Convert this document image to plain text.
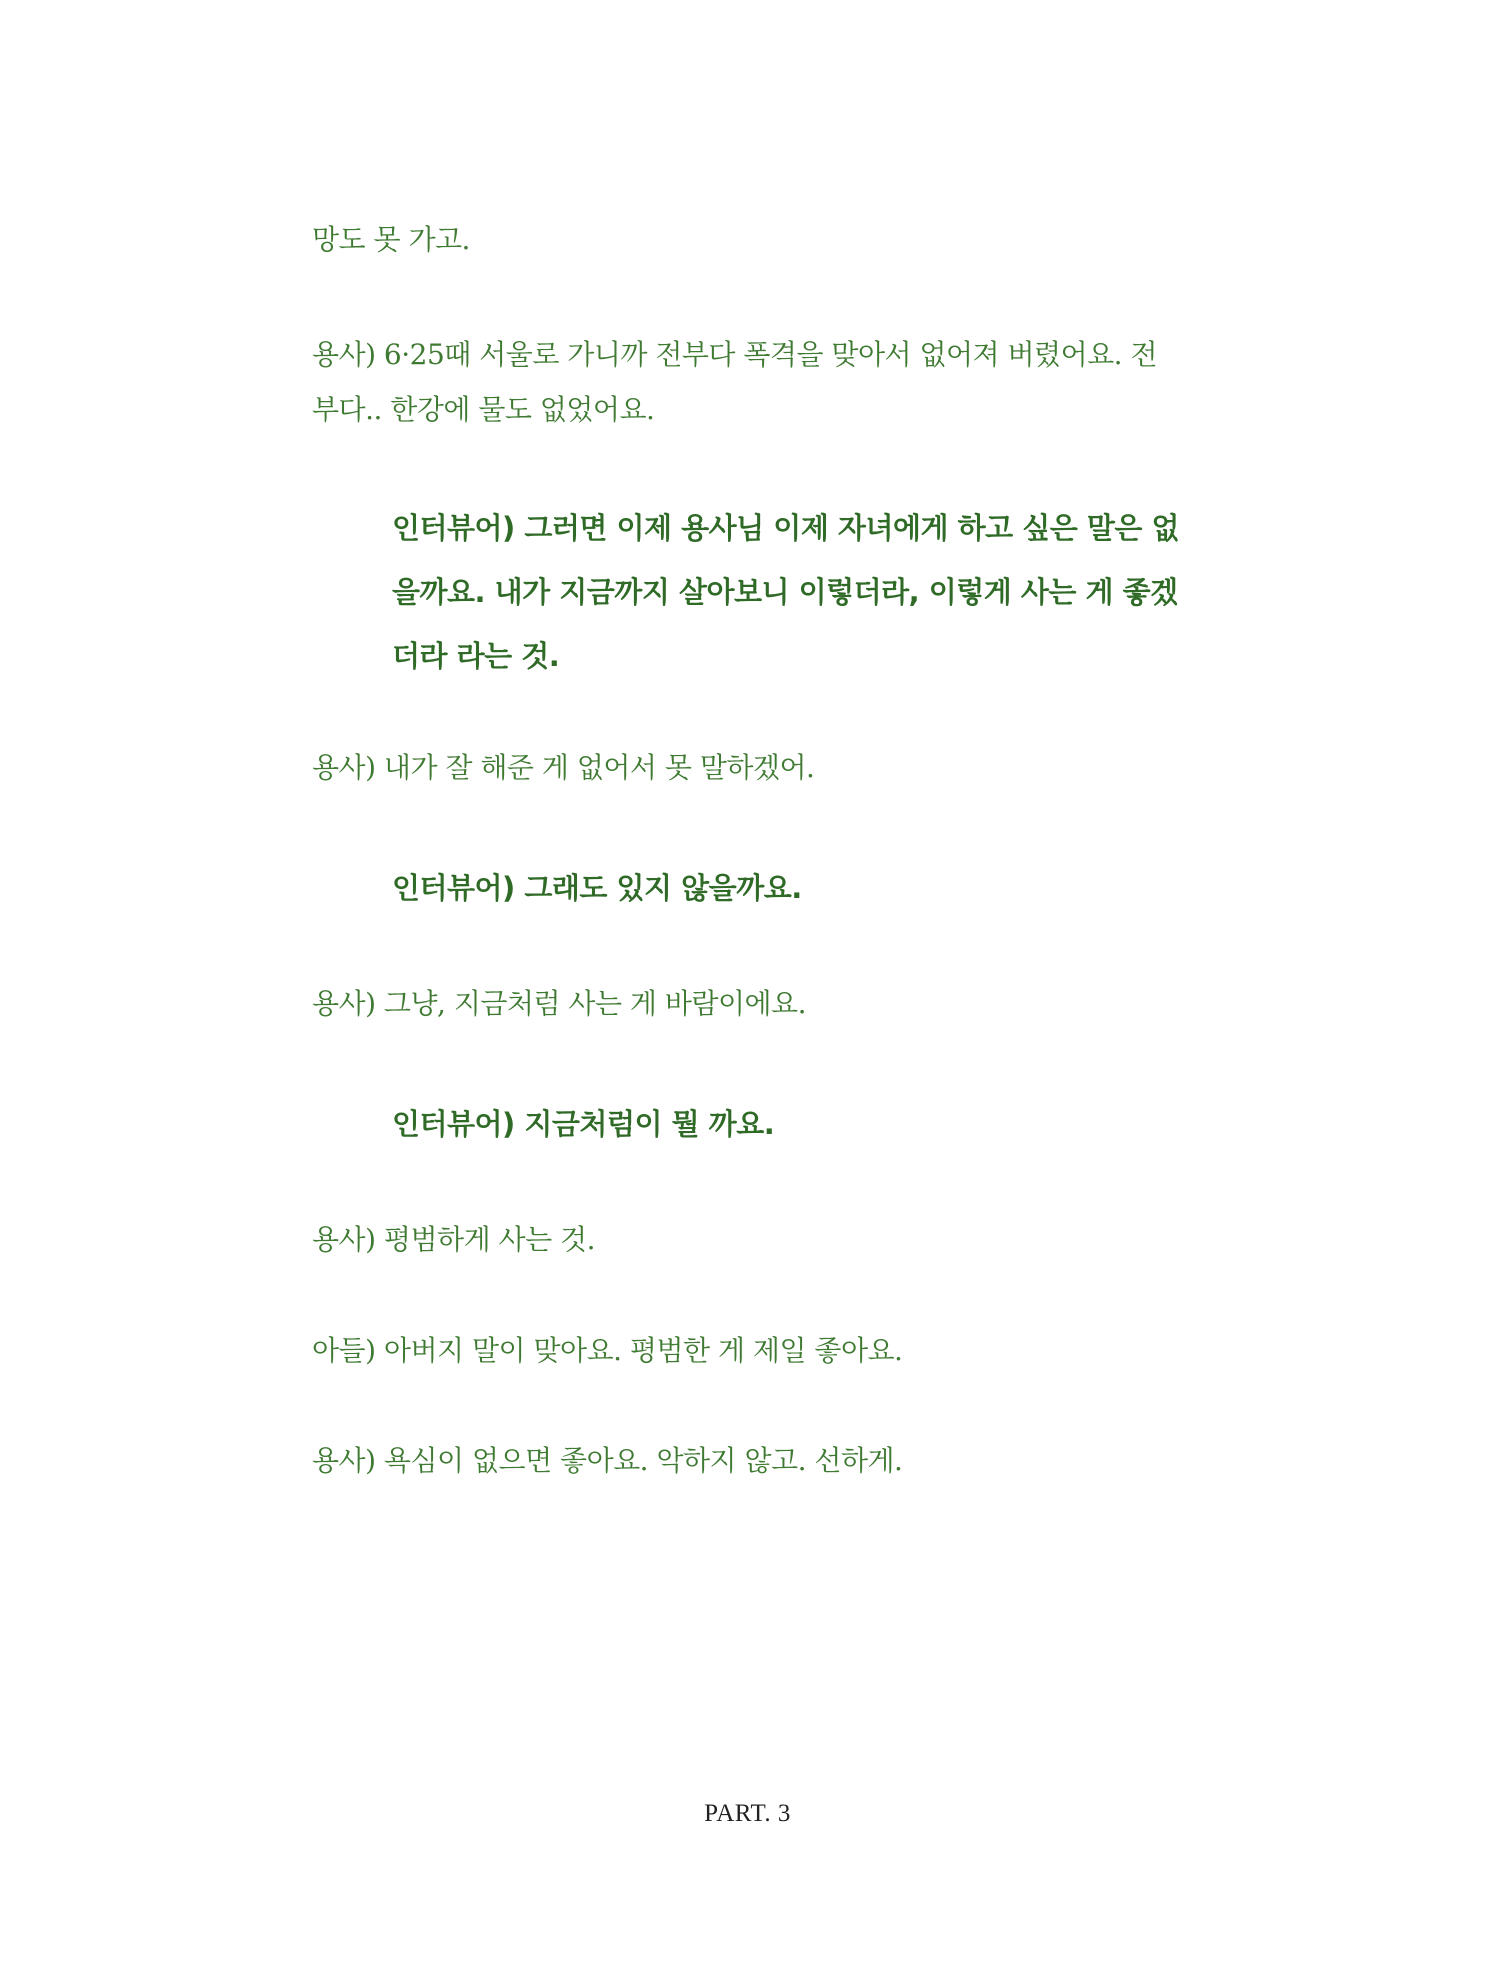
망도 못 가고.

용사) 6·25때 서울로 가니까 전부다 폭격을 맞아서 없어져 버렸어요. 전부다.. 한강에 물도 없었어요.

인터뷰어) 그러면 이제 용사님 이제 자녀에게 하고 싶은 말은 없을까요. 내가 지금까지 살아보니 이렇더라, 이렇게 사는 게 좋겠더라 라는 것.

용사) 내가 잘 해준 게 없어서 못 말하겠어.

인터뷰어) 그래도 있지 않을까요.

용사) 그냥, 지금처럼 사는 게 바람이에요.

인터뷰어) 지금처럼이 뭘 까요.

용사) 평범하게 사는 것.

아들) 아버지 말이 맞아요. 평범한 게 제일 좋아요.

용사) 욕심이 없으면 좋아요. 악하지 않고. 선하게.

PART. 3
